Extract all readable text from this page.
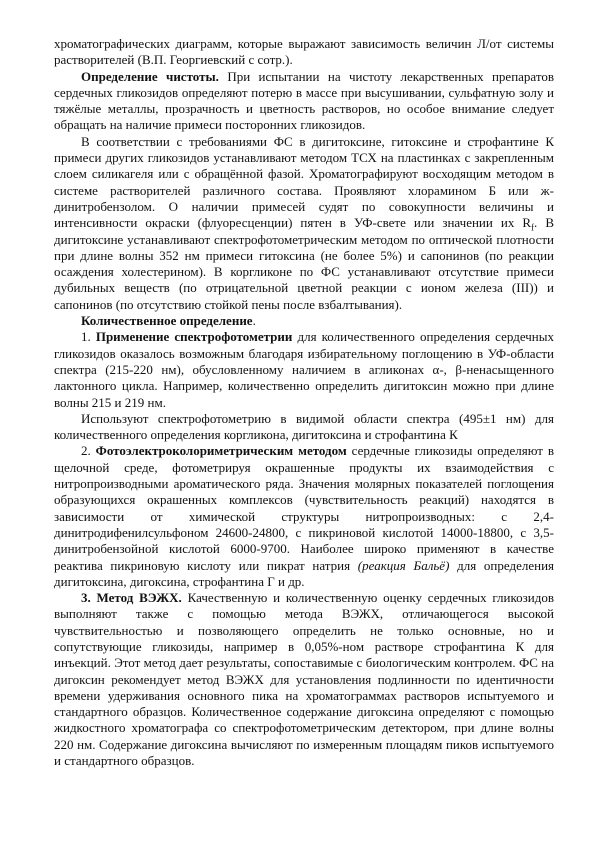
хроматографических диаграмм, которые выражают зависимость величин Л/от системы растворителей (В.П. Георгиевский с сотр.).

Определение чистоты. При испытании на чистоту лекарственных препаратов сердечных гликозидов определяют потерю в массе при высушивании, сульфатную золу и тяжёлые металлы, прозрачность и цветность растворов, но особое внимание следует обращать на наличие примеси посторонних гликозидов.

В соответствии с требованиями ФС в дигитоксине, гитоксине и строфантине К примеси других гликозидов устанавливают методом ТСХ на пластинках с закрепленным слоем силикагеля или с обращённой фазой. Хроматографируют восходящим методом в системе растворителей различного состава. Проявляют хлорамином Б или ж-динитробензолом. О наличии примесей судят по совокупности величины и интенсивности окраски (флуоресценции) пятен в УФ-свете или значении их $R_f$. В дигитоксине устанавливают спектрофотометрическим методом по оптической плотности при длине волны 352 нм примеси гитоксина (не более 5%) и сапонинов (по реакции осаждения холестерином). В коргликоне по ФС устанавливают отсутствие примеси дубильных веществ (по отрицательной цветной реакции с ионом железа (III)) и сапонинов (по отсутствию стойкой пены после взбалтывания).

Количественное определение.

1. Применение спектрофотометрии для количественного определения сердечных гликозидов оказалось возможным благодаря избирательному поглощению в УФ-области спектра (215-220 нм), обусловленному наличием в агликонах α-, β-ненасыщенного лактонного цикла. Например, количественно определить дигитоксин можно при длине волны 215 и 219 нм.

Используют спектрофотометрию в видимой области спектра (495±1 нм) для количественного определения коргликона, дигитоксина и строфантина К

2. Фотоэлектроколориметрическим методом сердечные гликозиды определяют в щелочной среде, фотометрируя окрашенные продукты их взаимодействия с нитропроизводными ароматического ряда. Значения молярных показателей поглощения образующихся окрашенных комплексов (чувствительность реакций) находятся в зависимости от химической структуры нитропроизводных: с 2,4-динитродифенилсульфоном 24600-24800, с пикриновой кислотой 14000-18800, с 3,5-динитробензойной кислотой 6000-9700. Наиболее широко применяют в качестве реактива пикриновую кислоту или пикрат натрия (реакция Бальё) для определения дигитоксина, дигоксина, строфантина Г и др.

3. Метод ВЭЖХ. Качественную и количественную оценку сердечных гликозидов выполняют также с помощью метода ВЭЖХ, отличающегося высокой чувствительностью и позволяющего определить не только основные, но и сопутствующие гликозиды, например в 0,05%-ном растворе строфантина К для инъекций. Этот метод дает результаты, сопоставимые с биологическим контролем. ФС на дигоксин рекомендует метод ВЭЖХ для установления подлинности по идентичности времени удерживания основного пика на хроматограммах растворов испытуемого и стандартного образцов. Количественное содержание дигоксина определяют с помощью жидкостного хроматографа со спектрофотометрическим детектором, при длине волны 220 нм. Содержание дигоксина вычисляют по измеренным площадям пиков испытуемого и стандартного образцов.
